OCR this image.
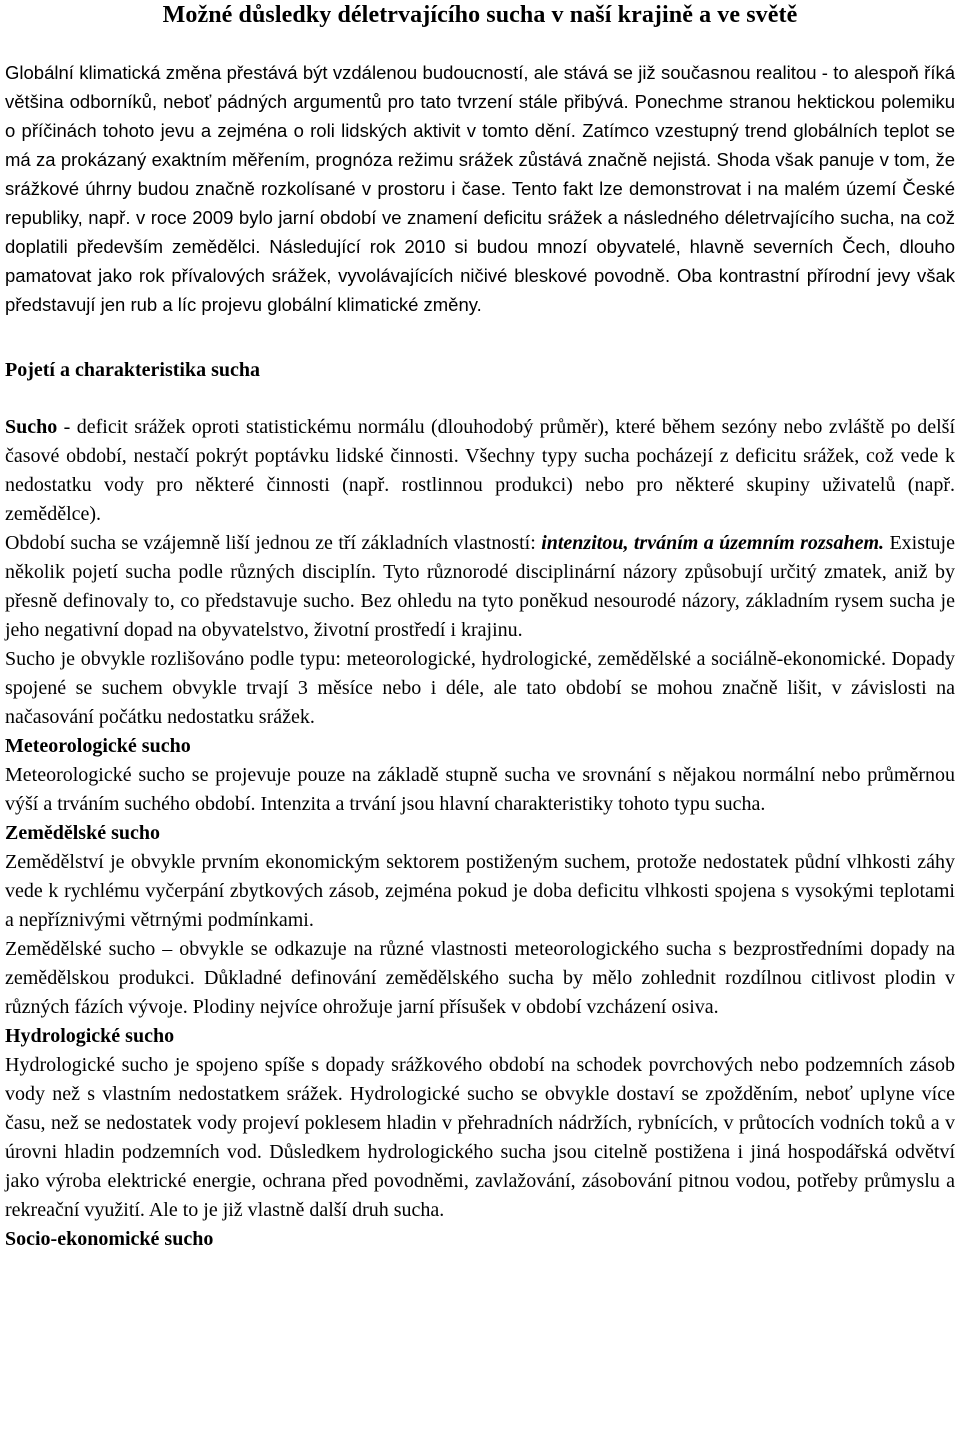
Možné důsledky déletrvajícího sucha v naší krajině a ve světě

Globální klimatická změna přestává být vzdálenou budoucností, ale stává se již současnou realitou - to alespoň říká většina odborníků, neboť pádných argumentů pro tato tvrzení stále přibývá. Ponechme stranou hektickou polemiku o příčinách tohoto jevu a zejména o roli lidských aktivit v tomto dění. Zatímco vzestupný trend globálních teplot se má za prokázaný exaktním měřením, prognóza režimu srážek zůstává značně nejistá. Shoda však panuje v tom, že srážkové úhrny budou značně rozkolísané v prostoru i čase. Tento fakt lze demonstrovat i na malém území České republiky, např. v roce 2009 bylo jarní období ve znamení deficitu srážek a následného déletrvajícího sucha, na což doplatili především zemědělci. Následující rok 2010 si budou mnozí obyvatelé, hlavně severních Čech, dlouho pamatovat jako rok přívalových srážek, vyvolávajících ničivé bleskové povodně. Oba kontrastní přírodní jevy však představují jen rub a líc projevu globální klimatické změny.

Pojetí a charakteristika sucha

Sucho - deficit srážek oproti statistickému normálu (dlouhodobý průměr), které během sezóny nebo zvláště po delší časové období, nestačí pokrýt poptávku lidské činnosti. Všechny typy sucha pocházejí z deficitu srážek, což vede k nedostatku vody pro některé činnosti (např. rostlinnou produkci) nebo pro některé skupiny uživatelů (např. zemědělce).

Období sucha se vzájemně liší jednou ze tří základních vlastností: intenzitou, trváním a územním rozsahem. Existuje několik pojetí sucha podle různých disciplín. Tyto různorodé disciplinární názory způsobují určitý zmatek, aniž by přesně definovaly to, co představuje sucho. Bez ohledu na tyto poněkud nesourodé názory, základním rysem sucha je jeho negativní dopad na obyvatelstvo, životní prostředí i krajinu.

Sucho je obvykle rozlišováno podle typu: meteorologické, hydrologické, zemědělské a sociálně-ekonomické. Dopady spojené se suchem obvykle trvají 3 měsíce nebo i déle, ale tato období se mohou značně lišit, v závislosti na načasování počátku nedostatku srážek.

Meteorologické sucho

Meteorologické sucho se projevuje pouze na základě stupně sucha ve srovnání s nějakou normální nebo průměrnou výší a trváním suchého období. Intenzita a trvání jsou hlavní charakteristiky tohoto typu sucha.

Zemědělské sucho

Zemědělství je obvykle prvním ekonomickým sektorem postiženým suchem, protože nedostatek půdní vlhkosti záhy vede k rychlému vyčerpání zbytkových zásob, zejména pokud je doba deficitu vlhkosti spojena s vysokými teplotami a nepříznivými větrnými podmínkami.

Zemědělské sucho – obvykle se odkazuje na různé vlastnosti meteorologického sucha s bezprostředními dopady na zemědělskou produkci. Důkladné definování zemědělského sucha by mělo zohlednit rozdílnou citlivost plodin v různých fázích vývoje. Plodiny nejvíce ohrožuje jarní přísušek v období vzcházení osiva.

Hydrologické sucho

Hydrologické sucho je spojeno spíše s dopady srážkového období na schodek povrchových nebo podzemních zásob vody než s vlastním nedostatkem srážek. Hydrologické sucho se obvykle dostaví se zpožděním, neboť uplyne více času, než se nedostatek vody projeví poklesem hladin v přehradních nádržích, rybnících, v průtocích vodních toků a v úrovni hladin podzemních vod. Důsledkem hydrologického sucha jsou citelně postižena i jiná hospodářská odvětví jako výroba elektrické energie, ochrana před povodněmi, zavlažování, zásobování pitnou vodou, potřeby průmyslu a rekreační využití. Ale to je již vlastně další druh sucha.

Socio-ekonomické sucho
